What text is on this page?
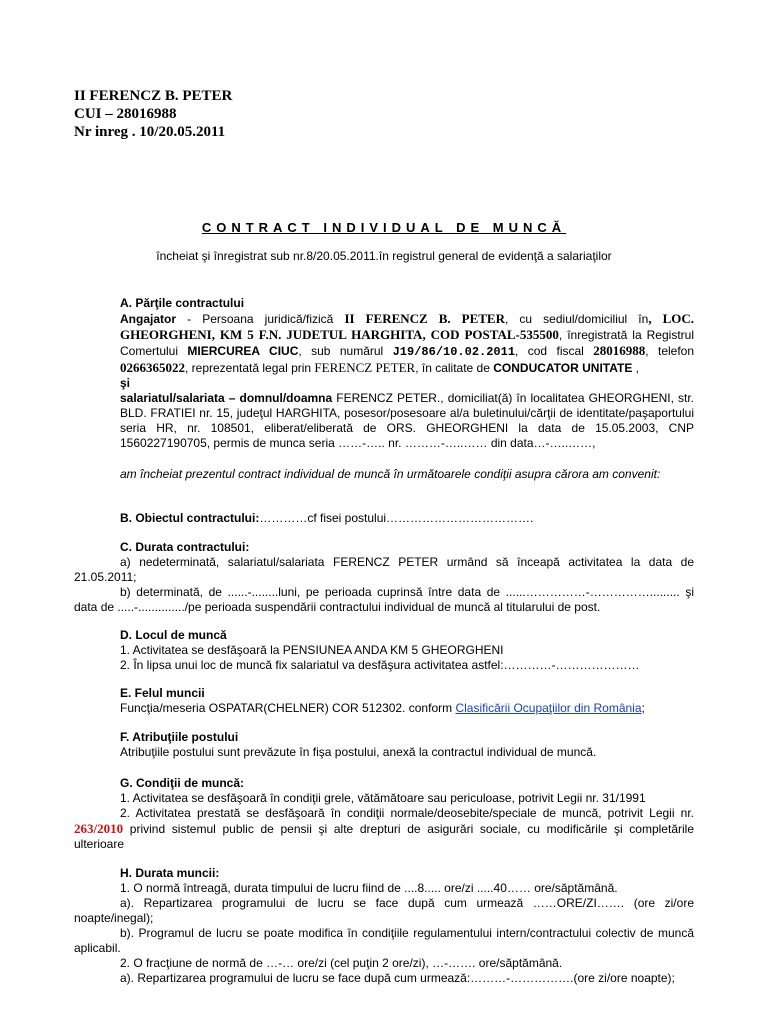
II FERENCZ B. PETER
CUI – 28016988
Nr inreg . 10/20.05.2011
CONTRACT INDIVIDUAL DE MUNCĂ
încheiat şi înregistrat sub nr.8/20.05.2011.în registrul general de evidenţă a salariaţilor
A. Părţile contractului
Angajator - Persoana juridică/fizică II FERENCZ B. PETER, cu sediul/domiciliul în, LOC. GHEORGHENI, KM 5 F.N. JUDETUL HARGHITA, COD POSTAL-535500, înregistrată la Registrul Comertului MIERCUREA CIUC, sub numărul J19/86/10.02.2011, cod fiscal 28016988, telefon 0266365022, reprezentată legal prin FERENCZ PETER, în calitate de CONDUCATOR UNITATE ,
şi
salariatul/salariata – domnul/doamna FERENCZ PETER., domiciliat(ă) în localitatea GHEORGHENI, str. BLD. FRATIEI nr. 15, judeţul HARGHITA, posesor/posesoare al/a buletinului/cărţii de identitate/paşaportului seria HR, nr. 108501, eliberat/eliberată de ORS. GHEORGHENI la data de 15.05.2003, CNP 1560227190705, permis de munca seria ……-….. nr. ………-…..…… din data…-…..……,
am încheiat prezentul contract individual de muncă în următoarele condiţii asupra cărora am convenit:
B. Obiectul contractului:…………cf fisei postului……………………………….
C. Durata contractului:
a) nedeterminată, salariatul/salariata FERENCZ PETER urmând să înceapă activitatea la data de 21.05.2011;
b) determinată, de ......-........luni, pe perioada cuprinsă între data de ......……………-……………......... şi data de .....-............../pe perioada suspendării contractului individual de muncă al titularului de post.
D. Locul de muncă
1. Activitatea se desfăşoară la PENSIUNEA ANDA KM 5 GHEORGHENI
2. În lipsa unui loc de muncă fix salariatul va desfăşura activitatea astfel:…………-…………………
E. Felul muncii
Funcţia/meseria OSPATAR(CHELNER) COR 512302. conform Clasificării Ocupaţiilor din România;
F. Atribuţiile postului
Atribuţiile postului sunt prevăzute în fişa postului, anexă la contractul individual de muncă.
G. Condiţii de muncă:
1. Activitatea se desfăşoară în condiţii grele, vătămătoare sau periculoase, potrivit Legii nr. 31/1991
2. Activitatea prestată se desfăşoară în condiţii normale/deosebite/speciale de muncă, potrivit Legii nr. 263/2010 privind sistemul public de pensii şi alte drepturi de asigurări sociale, cu modificările şi completările ulterioare
H. Durata muncii:
1. O normă întreagă, durata timpului de lucru fiind de ....8..... ore/zi .....40…… ore/săptămână.
a). Repartizarea programului de lucru se face după cum urmează ……ORE/ZI……. (ore zi/ore noapte/inegal);
b). Programul de lucru se poate modifica în condiţiile regulamentului intern/contractului colectiv de muncă aplicabil.
2. O fracţiune de normă de …-… ore/zi (cel puţin 2 ore/zi), …-……. ore/săptămână.
a). Repartizarea programului de lucru se face după cum urmează:………-…………….(ore zi/ore noapte);
